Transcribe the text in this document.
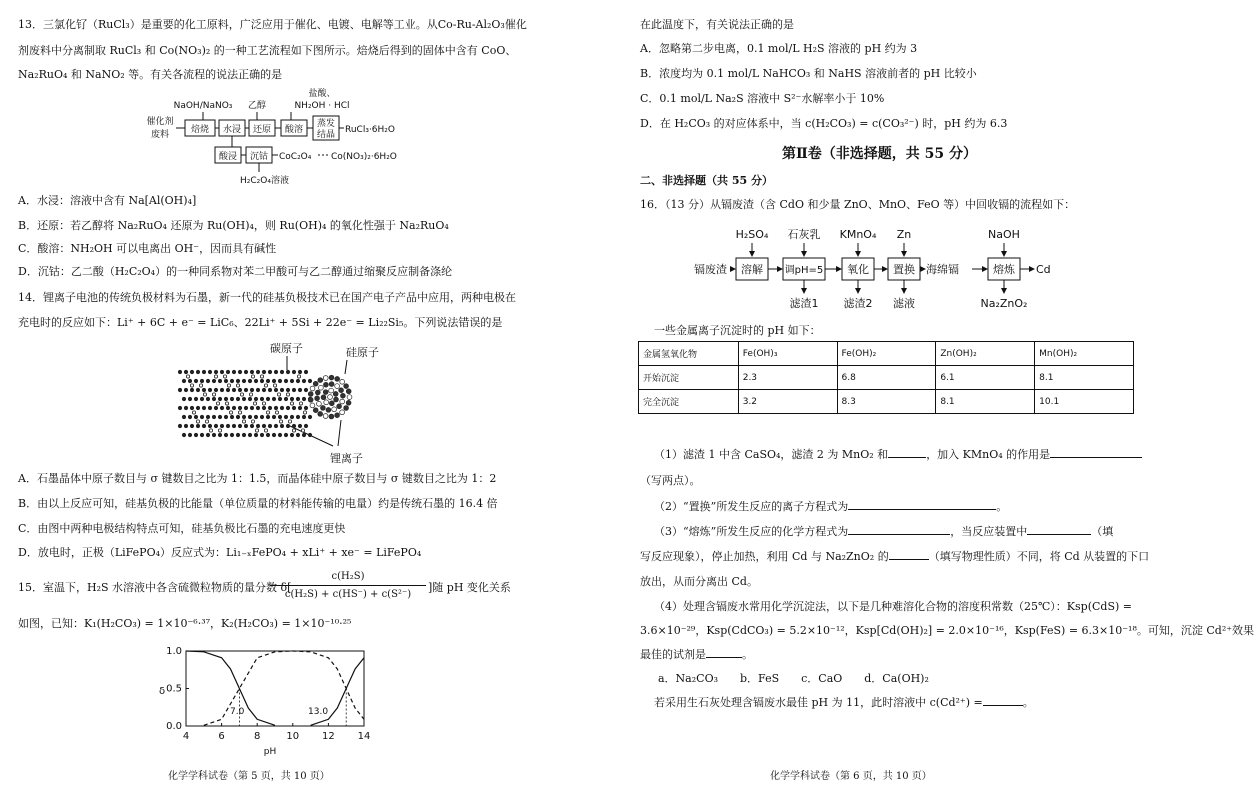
13．三氯化钌（RuCl₃）是重要的化工原料，广泛应用于催化、电镀、电解等工业。从Co-Ru-Al₂O₃催化
剂废料中分离制取 RuCl₃ 和 Co(NO₃)₂ 的一种工艺流程如下图所示。焙烧后得到的固体中含有 CoO、
Na₂RuO₄ 和 NaNO₂ 等。有关各流程的说法正确的是
NaOH/NaNO₃ 乙醇
盐酸、
NH₂OH · HCl
催化剂
废料 焙烧 水浸 还原 酸溶
蒸发
结晶 RuCl₃·6H₂O
酸浸 沉钴 CoC₂O₄ Co(NO₃)₂·6H₂O
H₂C₂O₄溶液
A．水浸：溶液中含有 Na[Al(OH)₄]
B．还原：若乙醇将 Na₂RuO₄ 还原为 Ru(OH)₄，则 Ru(OH)₄ 的氧化性强于 Na₂RuO₄
C．酸溶：NH₂OH 可以电离出 OH⁻，因而具有碱性
D．沉钴：乙二酸（H₂C₂O₄）的一种同系物对苯二甲酸可与乙二醇通过缩聚反应制备涤纶
14．锂离子电池的传统负极材料为石墨，新一代的硅基负极技术已在国产电子产品中应用，两种电极在
充电时的反应如下：Li⁺ + 6C + e⁻ = LiC₆、22Li⁺ + 5Si + 22e⁻ = Li₂₂Si₅。下列说法错误的是
碳原子	硅原子
锂离子
A．石墨晶体中原子数目与 σ 键数目之比为 1：1.5，而晶体硅中原子数目与 σ 键数目之比为 1：2
B．由以上反应可知，硅基负极的比能量（单位质量的材料能传输的电量）约是传统石墨的 16.4 倍
C．由图中两种电极结构特点可知，硅基负极比石墨的充电速度更快
D．放电时，正极（LiFePO₄）反应式为：Li₁₋ₓFePO₄ + xLi⁺ + xe⁻ = LiFePO₄
15．室温下，H₂S 水溶液中各含硫微粒物质的量分数 δ[
c(H₂S)
c(H₂S) + c(HS⁻) + c(S²⁻)
]随 pH 变化关系
如图，已知：K₁(H₂CO₃) = 1×10⁻⁶·³⁷，K₂(H₂CO₃) = 1×10⁻¹⁰·²⁵
4	6	8	10 12 14
0.0
0.5
1.0
pH
δ
7.0	13.0
化学学科试卷（第 5 页，共 10 页）
在此温度下，有关说法正确的是
A．忽略第二步电离，0.1 mol/L H₂S 溶液的 pH 约为 3
B．浓度均为 0.1 mol/L NaHCO₃ 和 NaHS 溶液前者的 pH 比较小
C．0.1 mol/L Na₂S 溶液中 S²⁻水解率小于 10%
D．在 H₂CO₃ 的对应体系中，当 c(H₂CO₃) = c(CO₃²⁻) 时，pH 约为 6.3
第Ⅱ卷（非选择题，共 55 分）
二、非选择题（共 55 分）
16．（13 分）从镉废渣（含 CdO 和少量 ZnO、MnO、FeO 等）中回收镉的流程如下：
H₂SO₄ 石灰乳 KMnO₄ Zn	NaOH
镉废渣 溶解 调pH=5 氧化 置换 海绵镉	熔炼 Cd
滤渣1 滤渣2 滤液	Na₂ZnO₂
一些金属离子沉淀时的 pH 如下：
金属氢氧化物	Fe(OH)₃	Fe(OH)₂	Zn(OH)₂	Mn(OH)₂
开始沉淀	2.3	6.8	6.1	8.1
完全沉淀	3.2	8.3	8.1	10.1
（1）滤渣 1 中含 CaSO₄，滤渣 2 为 MnO₂ 和	，加入 KMnO₄ 的作用是
（写两点）。
（2）“置换”所发生反应的离子方程式为	。
（3）“熔炼”所发生反应的化学方程式为	，当反应装置中	（填
写反应现象），停止加热，利用 Cd 与 Na₂ZnO₂ 的	（填写物理性质）不同，将 Cd 从装置的下口
放出，从而分离出 Cd。
（4）处理含镉废水常用化学沉淀法，以下是几种难溶化合物的溶度积常数（25℃）：Ksp(CdS) =
3.6×10⁻²⁹，Ksp(CdCO₃) = 5.2×10⁻¹²，Ksp[Cd(OH)₂] = 2.0×10⁻¹⁶，Ksp(FeS) = 6.3×10⁻¹⁸。可知，沉淀 Cd²⁺效果
最佳的试剂是	。
a．Na₂CO₃　　b．FeS　　c．CaO　　d．Ca(OH)₂
若采用生石灰处理含镉废水最佳 pH 为 11，此时溶液中 c(Cd²⁺) =	。
化学学科试卷（第 6 页，共 10 页）
